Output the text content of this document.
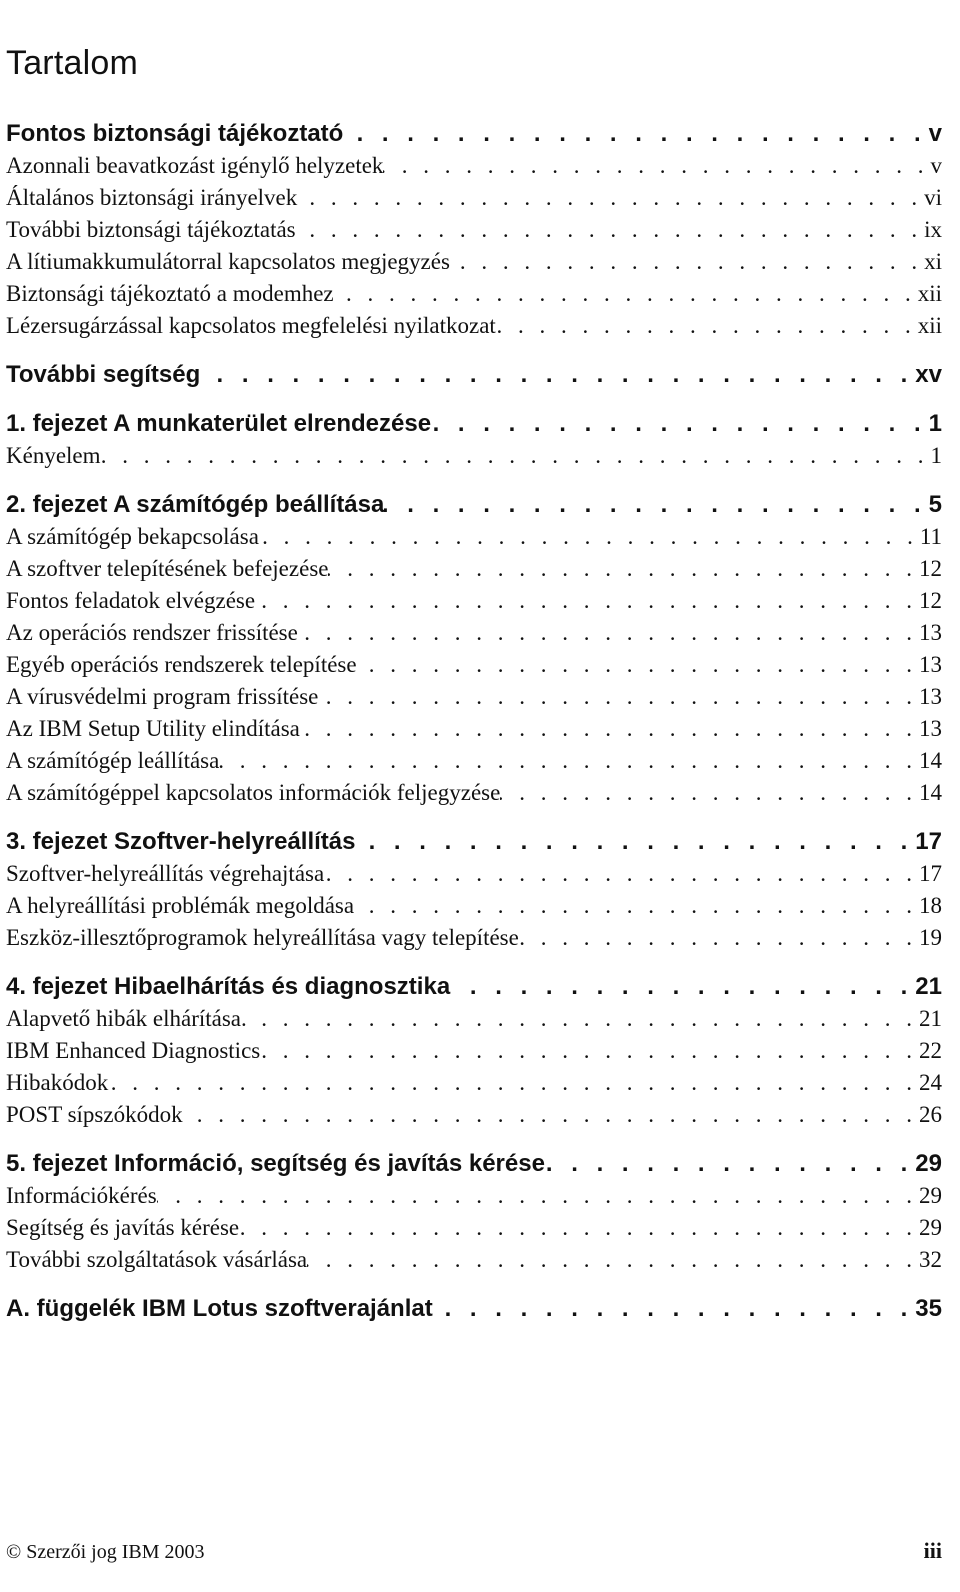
Tartalom
Fontos biztonsági tájékoztató . . .	v
Azonnali beavatkozást igénylő helyzetek . . .	v
Általános biztonsági irányelvek . . .	vi
További biztonsági tájékoztatás . . .	ix
A lítiumakkumulátorral kapcsolatos megjegyzés . . .	xi
Biztonsági tájékoztató a modemhez . . .	xii
Lézersugárzással kapcsolatos megfelelési nyilatkozat . . .	xii
További segítség . . .	xv
1. fejezet A munkaterület elrendezése . . .	1
Kényelem . . .	1
2. fejezet A számítógép beállítása . . .	5
A számítógép bekapcsolása . . .	11
A szoftver telepítésének befejezése . . .	12
Fontos feladatok elvégzése . . .	12
Az operációs rendszer frissítése . . .	13
Egyéb operációs rendszerek telepítése . . .	13
A vírusvédelmi program frissítése . . .	13
Az IBM Setup Utility elindítása . . .	13
A számítógép leállítása . . .	14
A számítógéppel kapcsolatos információk feljegyzése . . .	14
3. fejezet Szoftver-helyreállítás . . .	17
Szoftver-helyreállítás végrehajtása . . .	17
A helyreállítási problémák megoldása . . .	18
Eszköz-illesztőprogramok helyreállítása vagy telepítése . . .	19
4. fejezet Hibaelhárítás és diagnosztika . . .	21
Alapvető hibák elhárítása. . . .	21
IBM Enhanced Diagnostics . . .	22
Hibakódok . . .	24
POST sípszókódok . . .	26
5. fejezet Információ, segítség és javítás kérése . . .	29
Információkérés . . .	29
Segítség és javítás kérése . . .	29
További szolgáltatások vásárlása . . .	32
A. függelék IBM Lotus szoftverajánlat . . .	35
© Szerzői jog IBM 2003	iii
